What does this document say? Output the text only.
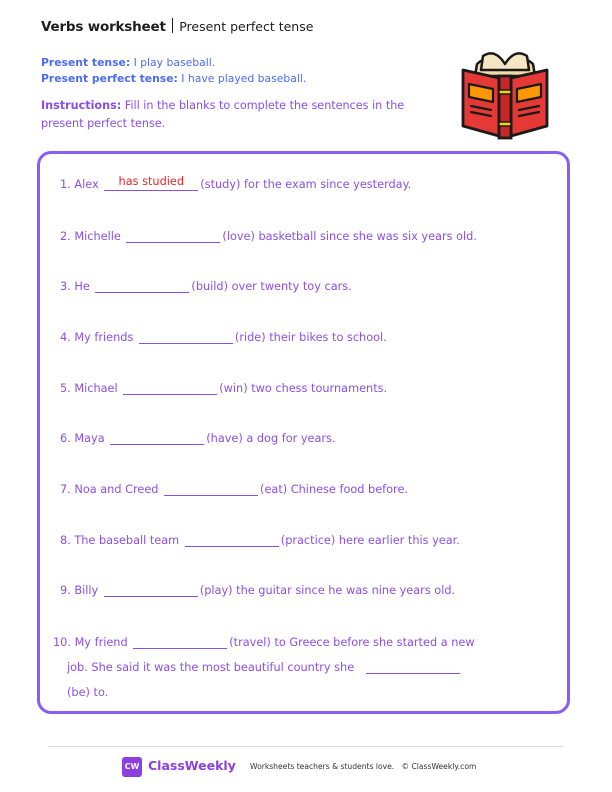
Verbs worksheet Present perfect tense
Present tense: I play baseball.
Present perfect tense: I have played baseball.
Instructions: Fill in the blanks to complete the sentences in the present perfect tense.
1. Alex	has studied	(study) for the exam since yesterday.
2. Michelle	(love) basketball since she was six years old.
3. He	(build) over twenty toy cars.
4. My friends	(ride) their bikes to school.
5. Michael	(win) two chess tournaments.
6. Maya	(have) a dog for years.
7. Noa and Creed	(eat) Chinese food before.
8. The baseball team	(practice) here earlier this year.
9. Billy	(play) the guitar since he was nine years old.
10. My friend	(travel) to Greece before she started a new
job. She said it was the most beautiful country she
(be) to.
CW ClassWeekly Worksheets teachers & students love.   © ClassWeekly.com
